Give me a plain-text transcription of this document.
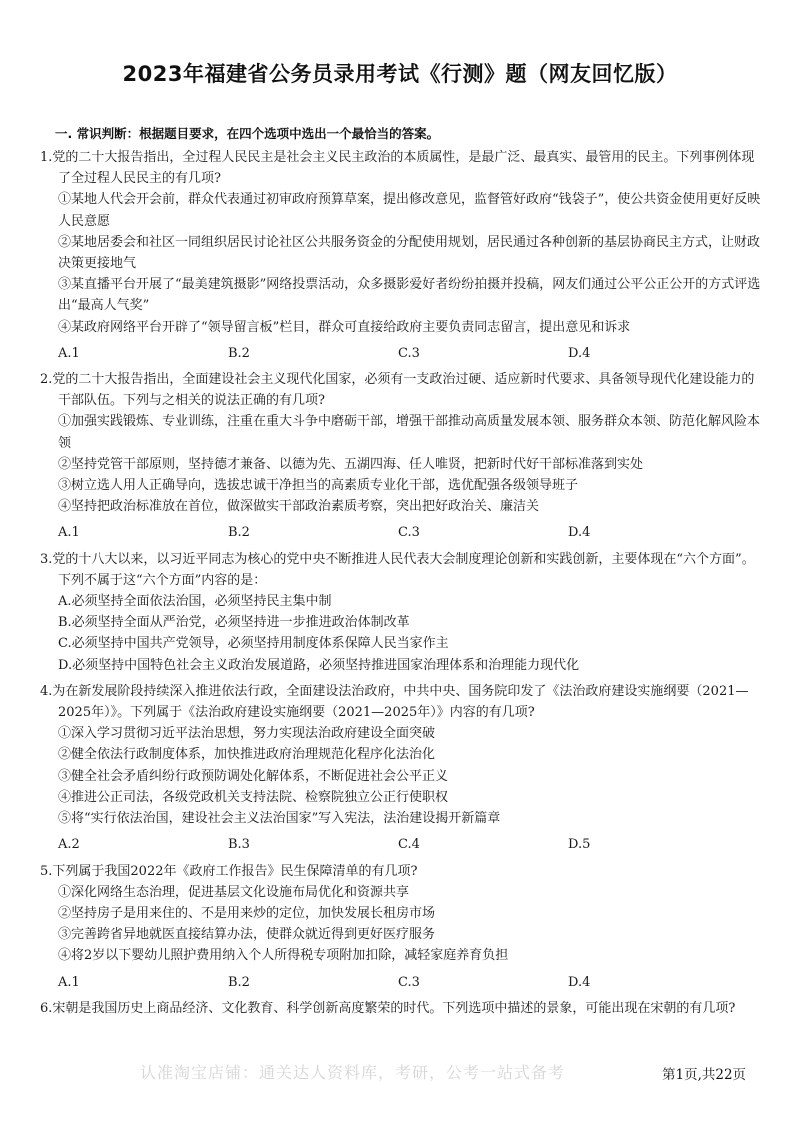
2023年福建省公务员录用考试《行测》题（网友回忆版）
一. 常识判断：根据题目要求，在四个选项中选出一个最恰当的答案。
1.党的二十大报告指出，全过程人民民主是社会主义民主政治的本质属性，是最广泛、最真实、最管用的民主。下列事例体现了全过程人民民主的有几项?
①某地人代会开会前，群众代表通过初审政府预算草案，提出修改意见，监督管好政府“钱袋子”，使公共资金使用更好反映人民意愿
②某地居委会和社区一同组织居民讨论社区公共服务资金的分配使用规划，居民通过各种创新的基层协商民主方式，让财政决策更接地气
③某直播平台开展了“最美建筑摄影”网络投票活动，众多摄影爱好者纷纷拍摄并投稿，网友们通过公平公正公开的方式评选出“最高人气奖”
④某政府网络平台开辟了“领导留言板”栏目，群众可直接给政府主要负责同志留言，提出意见和诉求
A.1	B.2	C.3	D.4
2.党的二十大报告指出，全面建设社会主义现代化国家，必须有一支政治过硬、适应新时代要求、具备领导现代化建设能力的干部队伍。下列与之相关的说法正确的有几项?
①加强实践锻炼、专业训练，注重在重大斗争中磨砺干部，增强干部推动高质量发展本领、服务群众本领、防范化解风险本领
②坚持党管干部原则，坚持德才兼备、以德为先、五湖四海、任人唯贤，把新时代好干部标准落到实处
③树立选人用人正确导向，选拔忠诚干净担当的高素质专业化干部，选优配强各级领导班子
④坚持把政治标准放在首位，做深做实干部政治素质考察，突出把好政治关、廉洁关
A.1	B.2	C.3	D.4
3.党的十八大以来，以习近平同志为核心的党中央不断推进人民代表大会制度理论创新和实践创新，主要体现在“六个方面”。下列不属于这“六个方面”内容的是：
A.必须坚持全面依法治国，必须坚持民主集中制
B.必须坚持全面从严治党，必须坚持进一步推进政治体制改革
C.必须坚持中国共产党领导，必须坚持用制度体系保障人民当家作主
D.必须坚持中国特色社会主义政治发展道路，必须坚持推进国家治理体系和治理能力现代化
4.为在新发展阶段持续深入推进依法行政，全面建设法治政府，中共中央、国务院印发了《法治政府建设实施纲要（2021—2025年）》。下列属于《法治政府建设实施纲要（2021—2025年）》内容的有几项?
①深入学习贯彻习近平法治思想，努力实现法治政府建设全面突破
②健全依法行政制度体系，加快推进政府治理规范化程序化法治化
③健全社会矛盾纠纷行政预防调处化解体系，不断促进社会公平正义
④推进公正司法，各级党政机关支持法院、检察院独立公正行使职权
⑤将“实行依法治国，建设社会主义法治国家”写入宪法，法治建设揭开新篇章
A.2	B.3	C.4	D.5
5.下列属于我国2022年《政府工作报告》民生保障清单的有几项?
①深化网络生态治理，促进基层文化设施布局优化和资源共享
②坚持房子是用来住的、不是用来炒的定位，加快发展长租房市场
③完善跨省异地就医直接结算办法，使群众就近得到更好医疗服务
④将2岁以下婴幼儿照护费用纳入个人所得税专项附加扣除，减轻家庭养育负担
A.1	B.2	C.3	D.4
6.宋朝是我国历史上商品经济、文化教育、科学创新高度繁荣的时代。下列选项中描述的景象，可能出现在宋朝的有几项?
认准淘宝店铺：通关达人资料库，考研，公考一站式备考	第1页,共22页
